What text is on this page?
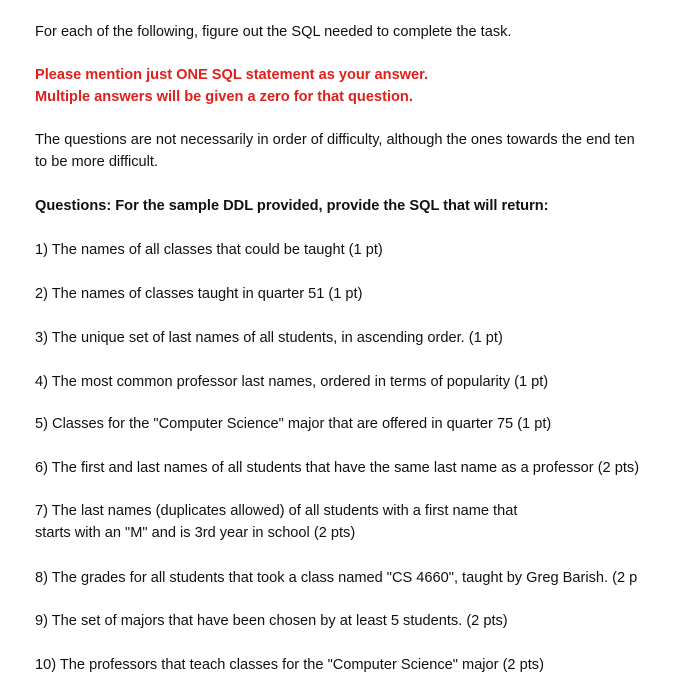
For each of the following, figure out the SQL needed to complete the task.
Please mention just ONE SQL statement as your answer.
Multiple answers will be given a zero for that question.
The questions are not necessarily in order of difficulty, although the ones towards the end ten
to be more difficult.
Questions: For the sample DDL provided, provide the SQL that will return:
1) The names of all classes that could be taught (1 pt)
2) The names of classes taught in quarter 51 (1 pt)
3) The unique set of last names of all students, in ascending order. (1 pt)
4) The most common professor last names, ordered in terms of popularity (1 pt)
5) Classes for the "Computer Science" major that are offered in quarter 75 (1 pt)
6) The first and last names of all students that have the same last name as a professor (2 pts)
7) The last names (duplicates allowed) of all students with a first name that
starts with an "M" and is 3rd year in school (2 pts)
8) The grades for all students that took a class named "CS 4660", taught by Greg Barish. (2 p
9) The set of majors that have been chosen by at least 5 students. (2 pts)
10) The professors that teach classes for the "Computer Science" major (2 pts)
